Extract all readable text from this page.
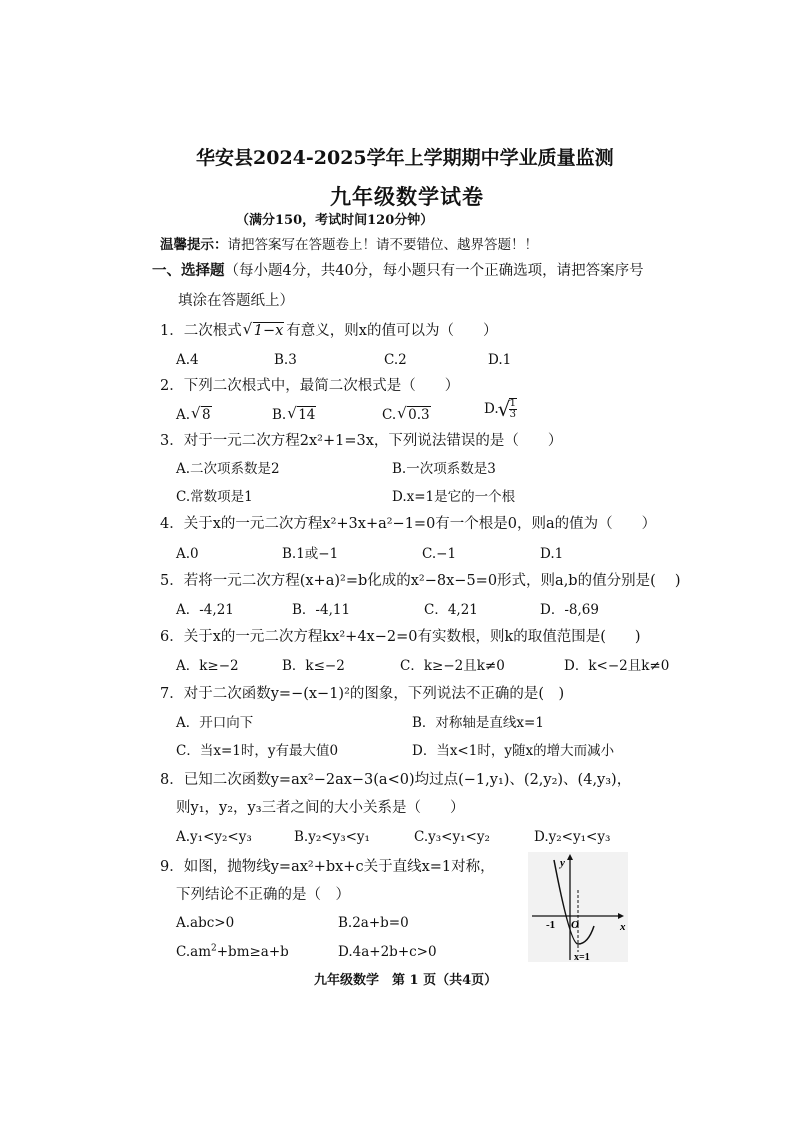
华安县2024-2025学年上学期期中学业质量监测
九年级数学试卷
（满分150，考试时间120分钟）
温馨提示：请把答案写在答题卷上！请不要错位、越界答题！！
一、选择题（每小题4分，共40分，每小题只有一个正确选项，请把答案序号
填涂在答题纸上）
1．二次根式 √ 1−x 有意义，则x的值可以为（　　）
A.4	B.3	C.2	D.1
2．下列二次根式中，最简二次根式是（　　）
A. √ 8	B. √ 14	C. √ 0.3	D. √ $\frac{1}{3}$
3．对于一元二次方程2x²+1=3x，下列说法错误的是（　　）
A.二次项系数是2	B.一次项系数是3
C.常数项是1	D.x=1是它的一个根
4．关于x的一元二次方程x²+3x+a²−1=0有一个根是0，则a的值为（　　）
A.0	B.1或−1	C.−1	D.1
5．若将一元二次方程(x+a)²=b化成的x²−8x−5=0形式，则a,b的值分别是(　 )
A．-4,21	B．-4,11	C．4,21	D．-8,69
6．关于x的一元二次方程kx²+4x−2=0有实数根，则k的取值范围是(　　)
A．k≥−2	B．k≤−2	C．k≥−2且k≠0	D．k<−2且k≠0
7．对于二次函数y=−(x−1)²的图象，下列说法不正确的是(　)
A．开口向下	B．对称轴是直线x=1
C．当x=1时，y有最大值0	D．当x<1时，y随x的增大而减小
8．已知二次函数y=ax²−2ax−3(a<0)均过点(−1,y₁)、(2,y₂)、(4,y₃)，
则y₁，y₂，y₃三者之间的大小关系是（　　）
A.y₁<y₂<y₃	B.y₂<y₃<y₁	C.y₃<y₁<y₂	D.y₂<y₁<y₃
9．如图，抛物线y=ax²+bx+c关于直线x=1对称，
下列结论不正确的是（　）
A.abc>0	B.2a+b=0
$C.am^2+bm\ge a+b$	D.4a+2b+c>0
y
x
O
-1
x=1
九年级数学　第 1 页（共4页）
